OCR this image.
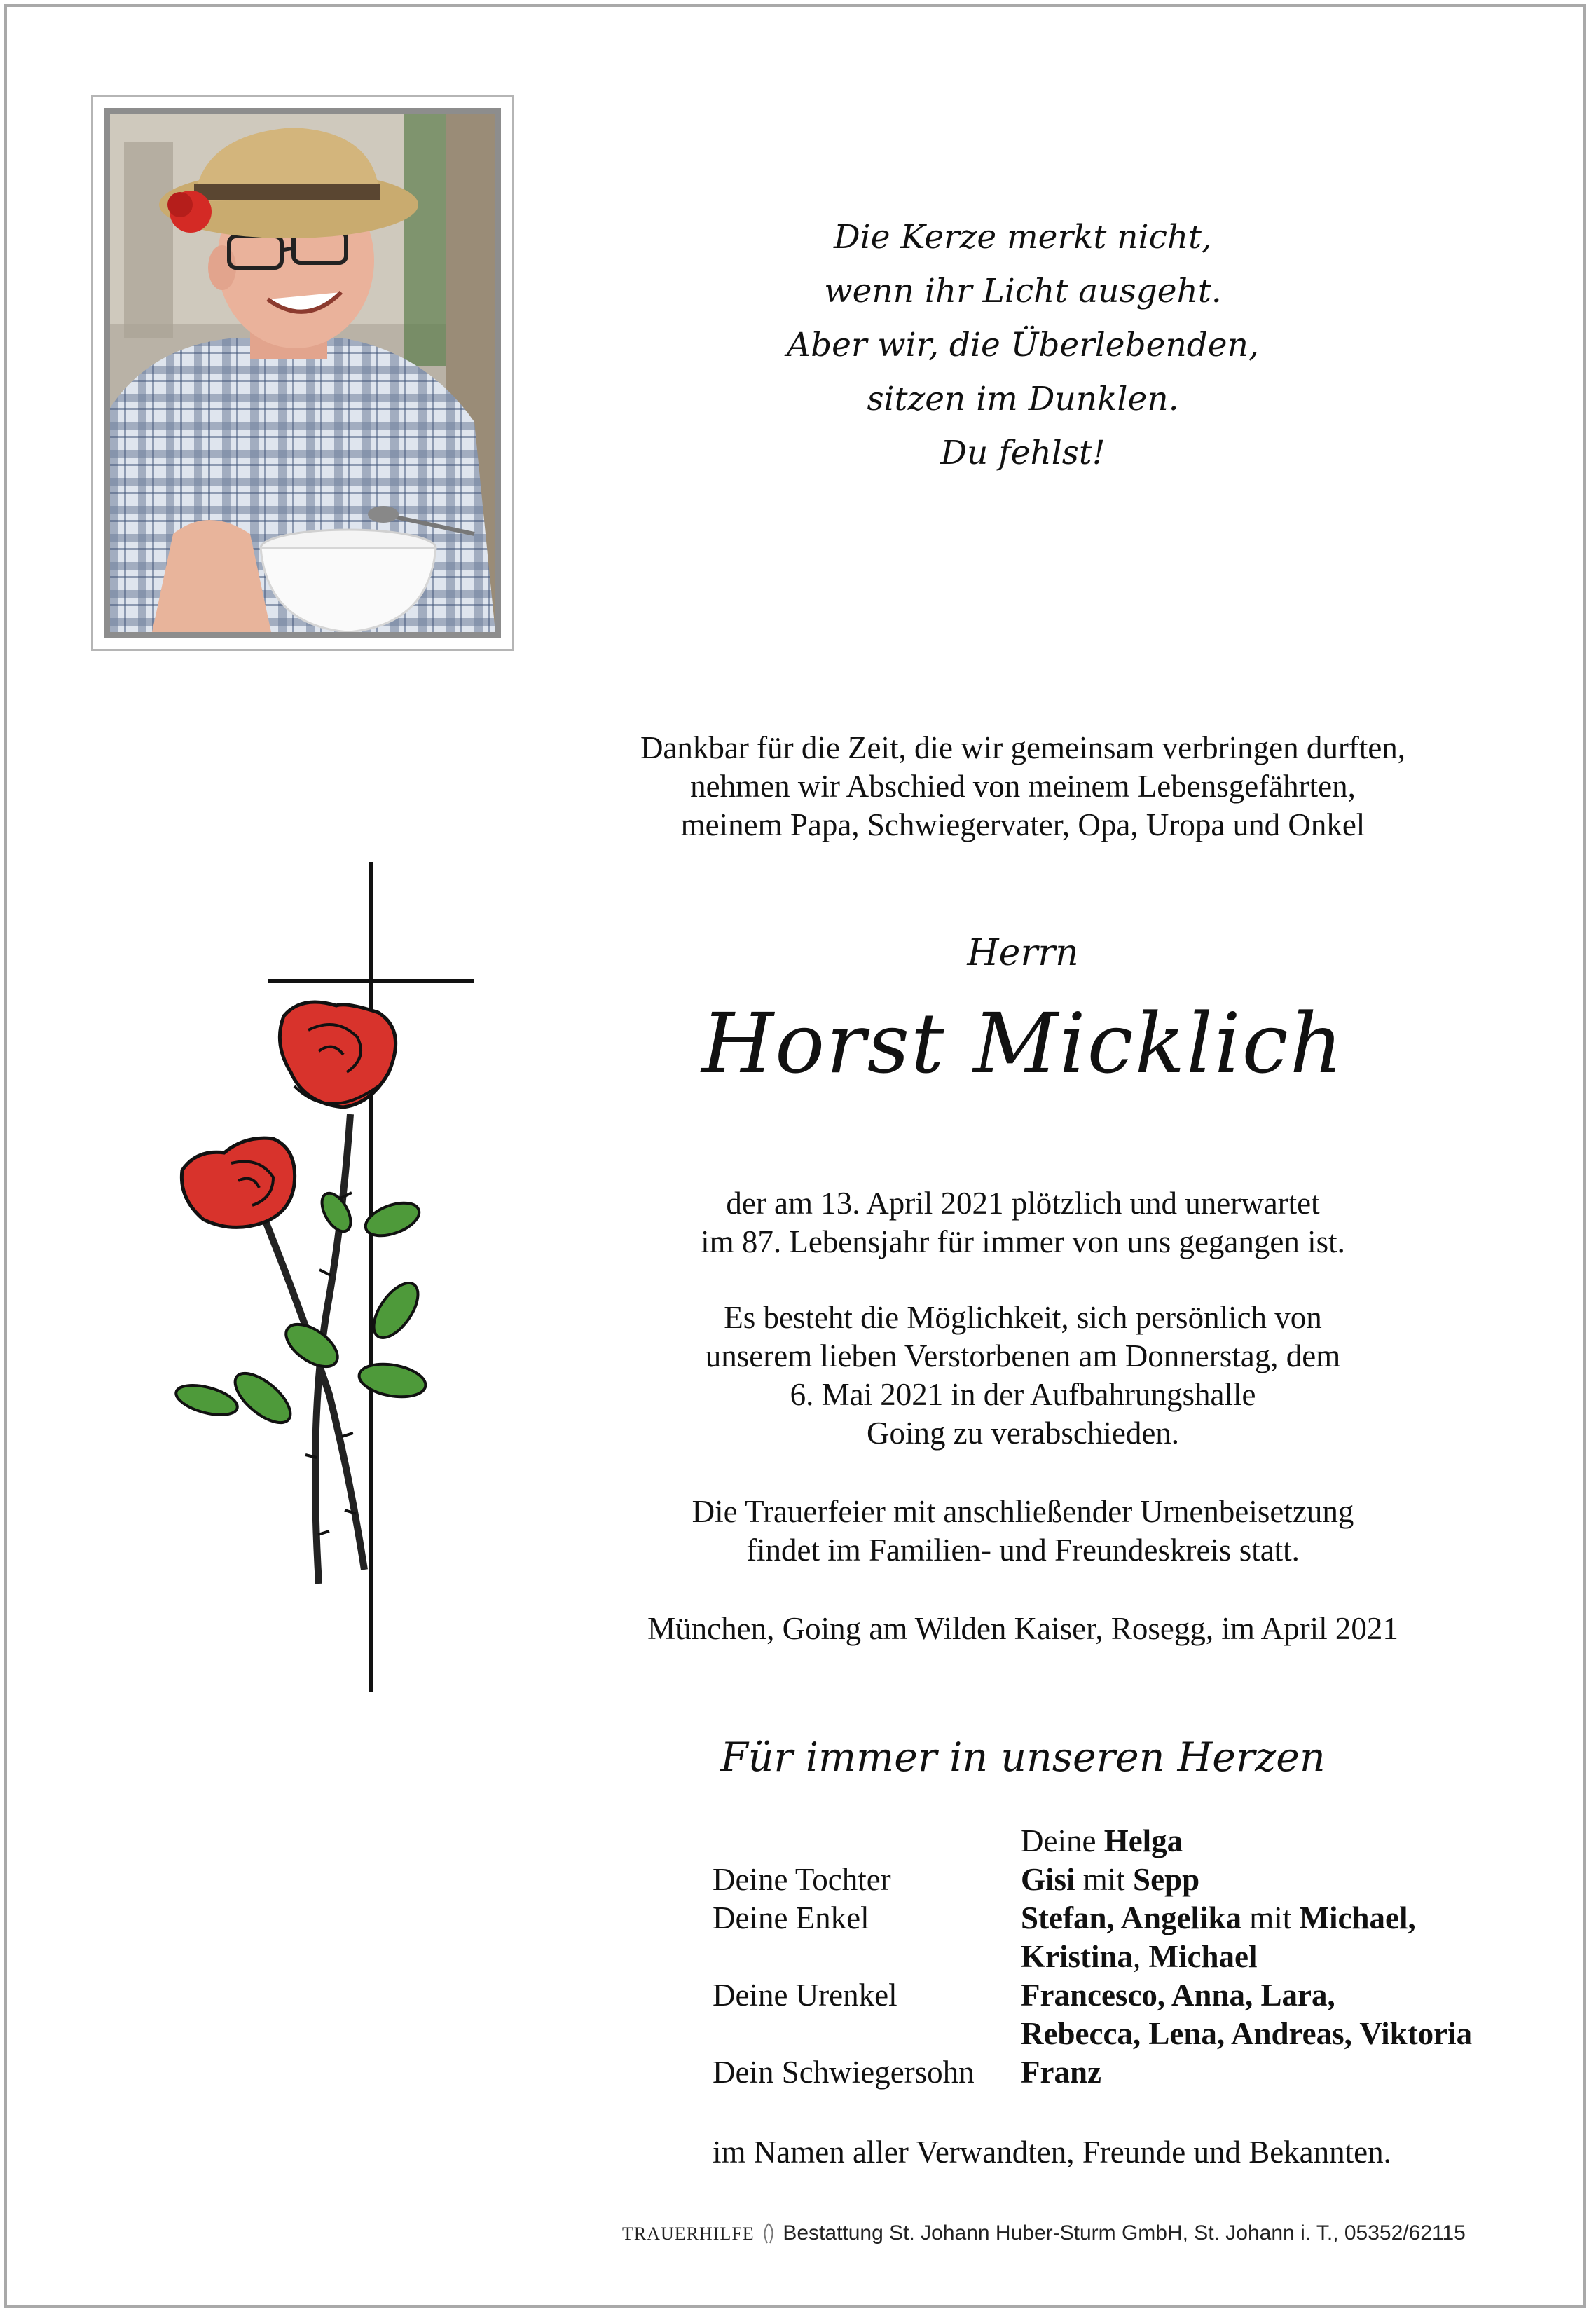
Die Kerze merkt nicht,
wenn ihr Licht ausgeht.
Aber wir, die Überlebenden,
sitzen im Dunklen.
Du fehlst!
Dankbar für die Zeit, die wir gemeinsam verbringen durften,
nehmen wir Abschied von meinem Lebensgefährten,
meinem Papa, Schwiegervater, Opa, Uropa und Onkel
Herrn
Horst Micklich
der am 13. April 2021 plötzlich und unerwartet
im 87. Lebensjahr für immer von uns gegangen ist.
Es besteht die Möglichkeit, sich persönlich von
unserem lieben Verstorbenen am Donnerstag, dem
6. Mai 2021 in der Aufbahrungshalle
Going zu verabschieden.
Die Trauerfeier mit anschließender Urnenbeisetzung
findet im Familien- und Freundeskreis statt.
München, Going am Wilden Kaiser, Rosegg, im April 2021
Für immer in unseren Herzen
	Deine Helga
Deine Tochter	Gisi mit Sepp
Deine Enkel	Stefan, Angelika mit Michael,
	Kristina, Michael
Deine Urenkel	Francesco, Anna, Lara,
	Rebecca, Lena, Andreas, Viktoria
Dein Schwiegersohn	Franz
im Namen aller Verwandten, Freunde und Bekannten.
TRAUERHILFE Bestattung St. Johann Huber-Sturm GmbH, St. Johann i. T., 05352/62115
